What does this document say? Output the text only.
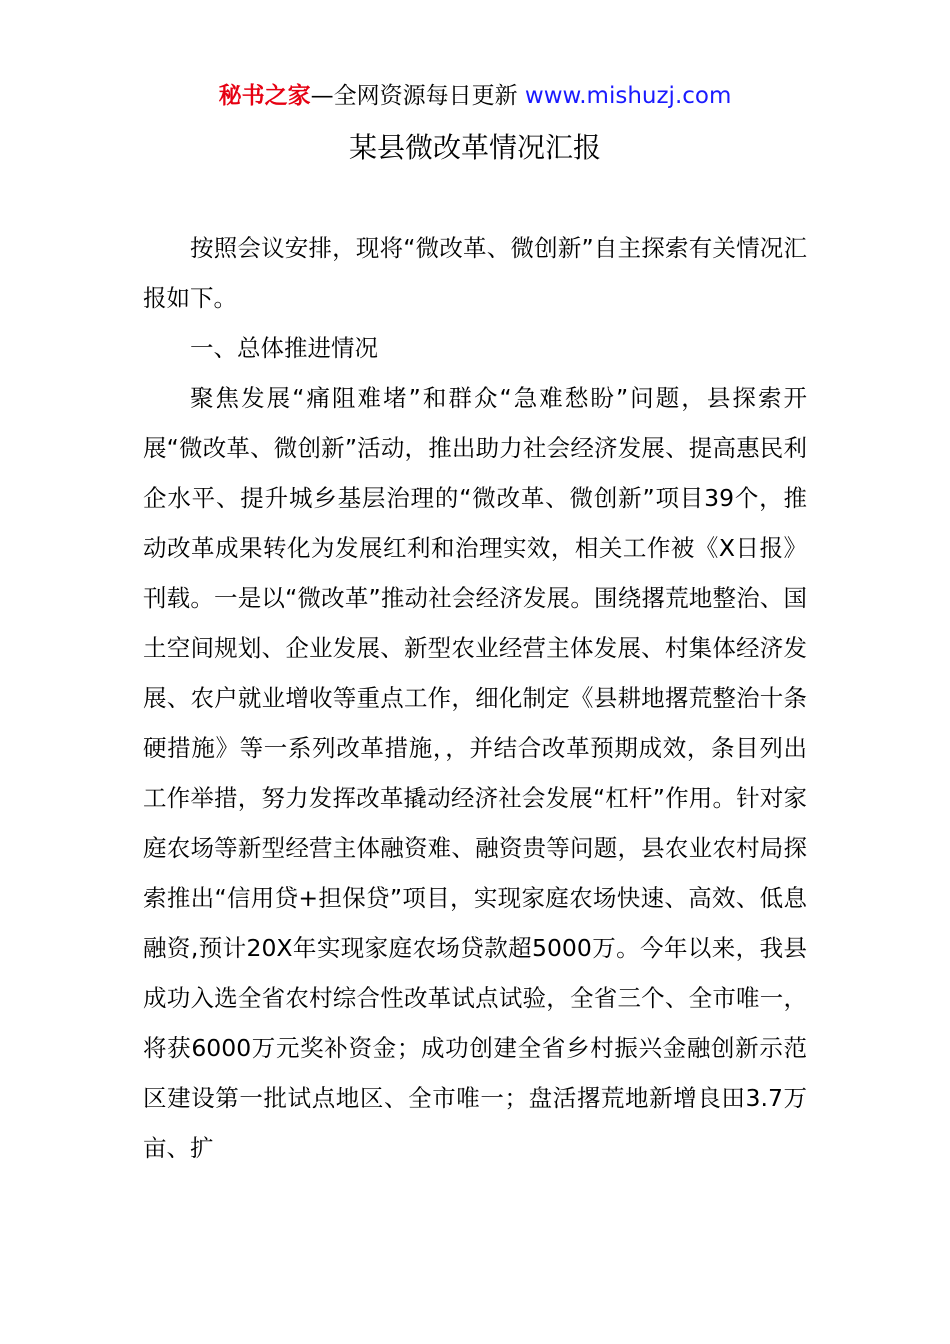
秘书之家—全网资源每日更新 www.mishuzj.com
某县微改革情况汇报

按照会议安排，现将“微改革、微创新”自主探索有关情况汇报如下。

一、总体推进情况

聚焦发展“痛阻难堵”和群众“急难愁盼”问题，县探索开展“微改革、微创新”活动，推出助力社会经济发展、提高惠民利企水平、提升城乡基层治理的“微改革、微创新”项目39个，推动改革成果转化为发展红利和治理实效，相关工作被《X日报》刊载。一是以“微改革”推动社会经济发展。围绕撂荒地整治、国土空间规划、企业发展、新型农业经营主体发展、村集体经济发展、农户就业增收等重点工作，细化制定《县耕地撂荒整治十条硬措施》等一系列改革措施，，并结合改革预期成效，条目列出工作举措，努力发挥改革撬动经济社会发展“杠杆”作用。针对家庭农场等新型经营主体融资难、融资贵等问题，县农业农村局探索推出“信用贷+担保贷”项目，实现家庭农场快速、高效、低息融资,预计20X年实现家庭农场贷款超5000万。今年以来，我县成功入选全省农村综合性改革试点试验，全省三个、全市唯一，将获6000万元奖补资金；成功创建全省乡村振兴金融创新示范区建设第一批试点地区、全市唯一；盘活撂荒地新增良田3.7万亩、扩
